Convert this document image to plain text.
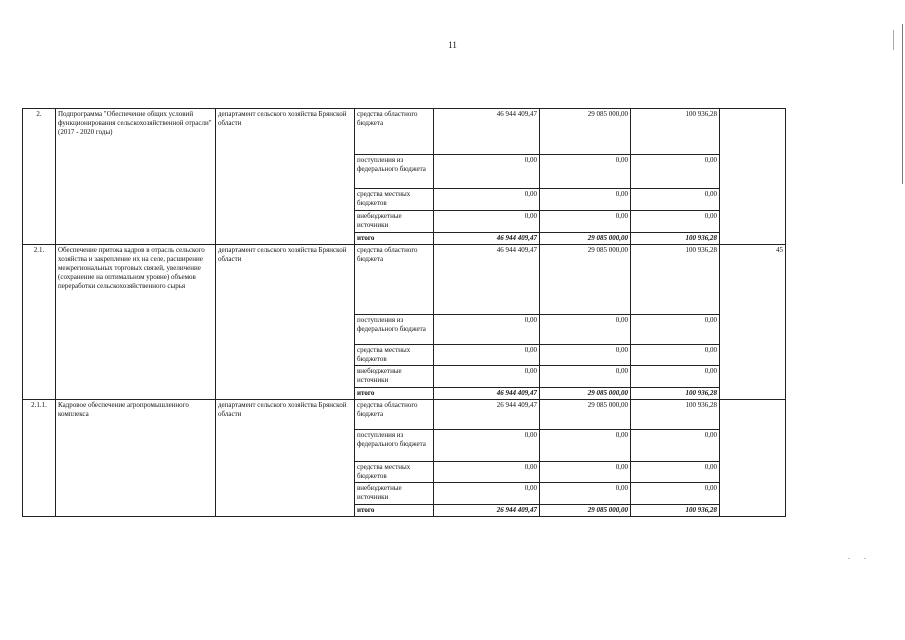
11
. .
2.	Подпрограмма "Обеспечение общих условий функционирования сельскохозяйственной отрасли" (2017 - 2020 годы)	департамент сельского хозяйства Брянской области	средства областного бюджета	46 944 409,47	29 085 000,00	100 936,28	
			поступления из федерального бюджета	0,00	0,00	0,00	
			средства местных бюджетов	0,00	0,00	0,00	
			внебюджетные источники	0,00	0,00	0,00	
			итого	46 944 409,47	29 085 000,00	100 936,28	
2.1.	Обеспечение притока кадров в отрасль сельского хозяйства и закрепление их на селе, расширение межрегиональных торговых связей, увеличение (сохранение на оптимальном уровне) объемов переработки сельскохозяйственного сырья	департамент сельского хозяйства Брянской области	средства областного бюджета	46 944 409,47	29 085 000,00	100 936,28	45
			поступления из федерального бюджета	0,00	0,00	0,00	
			средства местных бюджетов	0,00	0,00	0,00	
			внебюджетные источники	0,00	0,00	0,00	
			итого	46 944 409,47	29 085 000,00	100 936,28	
2.1.1.	Кадровое обеспечение агропромышленного комплекса	департамент сельского хозяйства Брянской области	средства областного бюджета	26 944 409,47	29 085 000,00	100 936,28	
			поступления из федерального бюджета	0,00	0,00	0,00	
			средства местных бюджетов	0,00	0,00	0,00	
			внебюджетные источники	0,00	0,00	0,00	
			итого	26 944 409,47	29 085 000,00	100 936,28	
